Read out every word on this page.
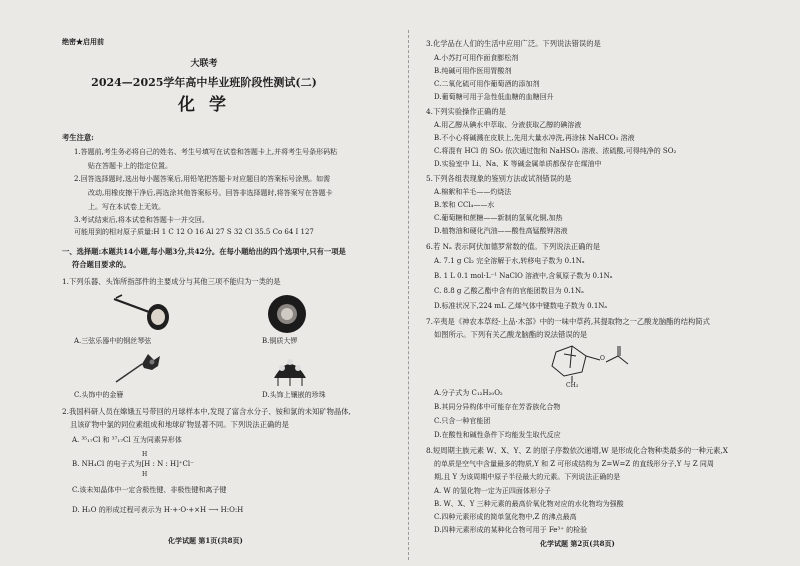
绝密★启用前
大联考
2024—2025学年高中毕业班阶段性测试(二)
化 学
考生注意:
1.答题前,考生务必将自己的姓名、考生号填写在试卷和答题卡上,并将考生号条形码粘
贴在答题卡上的指定位置。
2.回答选择题时,选出每小题答案后,用铅笔把答题卡对应题目的答案标号涂黑。如需
改动,用橡皮擦干净后,再选涂其他答案标号。回答非选择题时,将答案写在答题卡
上。写在本试卷上无效。
3.考试结束后,将本试卷和答题卡一并交回。
可能用到的相对原子质量:H 1 C 12 O 16 Al 27 S 32 Cl 35.5 Co 64 I 127
一、选择题:本题共14小题,每小题3分,共42分。在每小题给出的四个选项中,只有一项是
符合题目要求的。
1.下列乐器、头饰所指部件的主要成分与其他三项不能归为一类的是
A.三弦乐器中的钢丝琴弦	B.铜质大锣
C.头饰中的金簪	D.头饰上镶嵌的珍珠
2.我国科研人员在嫦娥五号带回的月球样本中,发现了富含水分子、铵和氯的未知矿物晶体,
且该矿物中氯的同位素组成和地球矿物显著不同。下列说法正确的是
A. ³⁵₁₇Cl 和 ³⁷₁₇Cl 互为同素异形体
H
B. NH₄Cl 的电子式为[H : N : H]⁺Cl⁻
H
C.该未知晶体中一定含极性键、非极性键和离子键
D. H₂O 的形成过程可表示为 H·+·O·+×H ⟶ H:O:H
化学试题 第1页(共8页)
3.化学品在人们的生活中应用广泛。下列说法错误的是
A.小苏打可用作面食膨松剂
B.纯碱可用作医用胃酸剂
C.二氧化硫可用作葡萄酒的添加剂
D.葡萄糖可用于急性低血糖的血糖回升
4.下列实验操作正确的是
A.用乙醇从碘水中萃取、分液获取乙醇的碘溶液
B.不小心将碱溅在皮肤上,先用大量水冲洗,再涂抹 NaHCO₃ 溶液
C.将混有 HCl 的 SO₂ 依次通过饱和 NaHSO₃ 溶液、浓硫酸,可得纯净的 SO₂
D.实验室中 Li、Na、K 等碱金属单质都保存在煤油中
5.下列各组表现象的鉴别方法或试剂错误的是
A.棉絮和羊毛——灼烧法
B.苯和 CCl₄——水
C.葡萄糖和蔗糖——新制的氢氧化铜,加热
D.植物油和硬化汽油——酸性高锰酸钾溶液
6.若 Nₐ 表示阿伏加德罗常数的值。下列说法正确的是
A. 7.1 g Cl₂ 完全溶解于水,转移电子数为 0.1Nₐ
B. 1 L 0.1 mol·L⁻¹ NaClO 溶液中,含氧原子数为 0.1Nₐ
C. 8.8 g 乙酸乙酯中含有的官能团数目为 0.1Nₐ
D.标准状况下,224 mL 乙烯气体中键数电子数为 0.1Nₐ
7.辛夷是《神农本草经·上品·木部》中的一味中草药,其提取物之一乙酸龙脑酯的结构简式
如图所示。下列有关乙酸龙脑酯的说法错误的是
O
CH₃
A.分子式为 C₁₂H₂₀O₂
B.其同分异构体中可能存在芳香族化合物
C.只含一种官能团
D.在酸性和碱性条件下均能发生取代反应
8.短周期主族元素 W、X、Y、Z 的原子序数依次递增,W 是形成化合物种类最多的一种元素,X
的单质是空气中含量最多的物质,Y 和 Z 可形成结构为 Z=W=Z 的直线形分子,Y 与 Z 同周
期,且 Y 为该周期中原子半径最大的元素。下列说法正确的是
A. W 的氢化物一定为正四面体形分子
B. W、X、Y 三种元素的最高价氧化物对应的水化物均为强酸
C.四种元素形成的简单氢化物中,Z 的沸点最高
D.四种元素形成的某种化合物可用于 Fe³⁺ 的检验
化学试题 第2页(共8页)
